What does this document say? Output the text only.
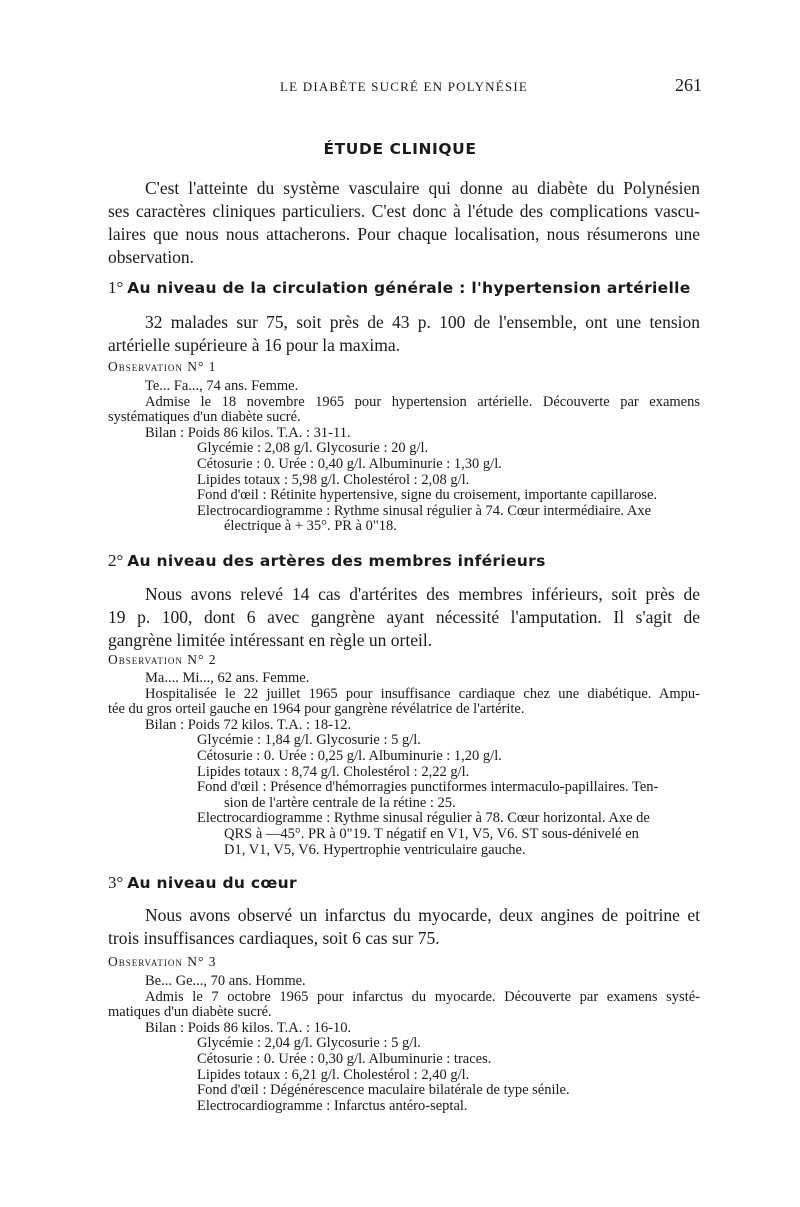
LE DIABÈTE SUCRÉ EN POLYNÉSIE	261
ÉTUDE CLINIQUE
C'est l'atteinte du système vasculaire qui donne au diabète du Polynésien
ses caractères cliniques particuliers. C'est donc à l'étude des complications vascu-
laires que nous nous attacherons. Pour chaque localisation, nous résumerons une
observation.
1° Au niveau de la circulation générale : l'hypertension artérielle
32 malades sur 75, soit près de 43 p. 100 de l'ensemble, ont une tension
artérielle supérieure à 16 pour la maxima.
Observation N° 1
Te... Fa..., 74 ans. Femme.
Admise le 18 novembre 1965 pour hypertension artérielle. Découverte par examens
systématiques d'un diabète sucré.
Bilan : Poids 86 kilos. T.A. : 31-11.
Glycémie : 2,08 g/l. Glycosurie : 20 g/l.
Cétosurie : 0. Urée : 0,40 g/l. Albuminurie : 1,30 g/l.
Lipides totaux : 5,98 g/l. Cholestérol : 2,08 g/l.
Fond d'œil : Rétinite hypertensive, signe du croisement, importante capillarose.
Electrocardiogramme : Rythme sinusal régulier à 74. Cœur intermédiaire. Axe
électrique à + 35°. PR à 0"18.
2° Au niveau des artères des membres inférieurs
Nous avons relevé 14 cas d'artérites des membres inférieurs, soit près de
19 p. 100, dont 6 avec gangrène ayant nécessité l'amputation. Il s'agit de
gangrène limitée intéressant en règle un orteil.
Observation N° 2
Ma.... Mi..., 62 ans. Femme.
Hospitalisée le 22 juillet 1965 pour insuffisance cardiaque chez une diabétique. Ampu-
tée du gros orteil gauche en 1964 pour gangrène révélatrice de l'artérite.
Bilan : Poids 72 kilos. T.A. : 18-12.
Glycémie : 1,84 g/l. Glycosurie : 5 g/l.
Cétosurie : 0. Urée : 0,25 g/l. Albuminurie : 1,20 g/l.
Lipides totaux : 8,74 g/l. Cholestérol : 2,22 g/l.
Fond d'œil : Présence d'hémorragies punctiformes intermaculo-papillaires. Ten-
sion de l'artère centrale de la rétine : 25.
Electrocardiogramme : Rythme sinusal régulier à 78. Cœur horizontal. Axe de
QRS à —45°. PR à 0"19. T négatif en V1, V5, V6. ST sous-dénivelé en
D1, V1, V5, V6. Hypertrophie ventriculaire gauche.
3° Au niveau du cœur
Nous avons observé un infarctus du myocarde, deux angines de poitrine et
trois insuffisances cardiaques, soit 6 cas sur 75.
Observation N° 3
Be... Ge..., 70 ans. Homme.
Admis le 7 octobre 1965 pour infarctus du myocarde. Découverte par examens systé-
matiques d'un diabète sucré.
Bilan : Poids 86 kilos. T.A. : 16-10.
Glycémie : 2,04 g/l. Glycosurie : 5 g/l.
Cétosurie : 0. Urée : 0,30 g/l. Albuminurie : traces.
Lipides totaux : 6,21 g/l. Cholestérol : 2,40 g/l.
Fond d'œil : Dégénérescence maculaire bilatérale de type sénile.
Electrocardiogramme : Infarctus antéro-septal.
